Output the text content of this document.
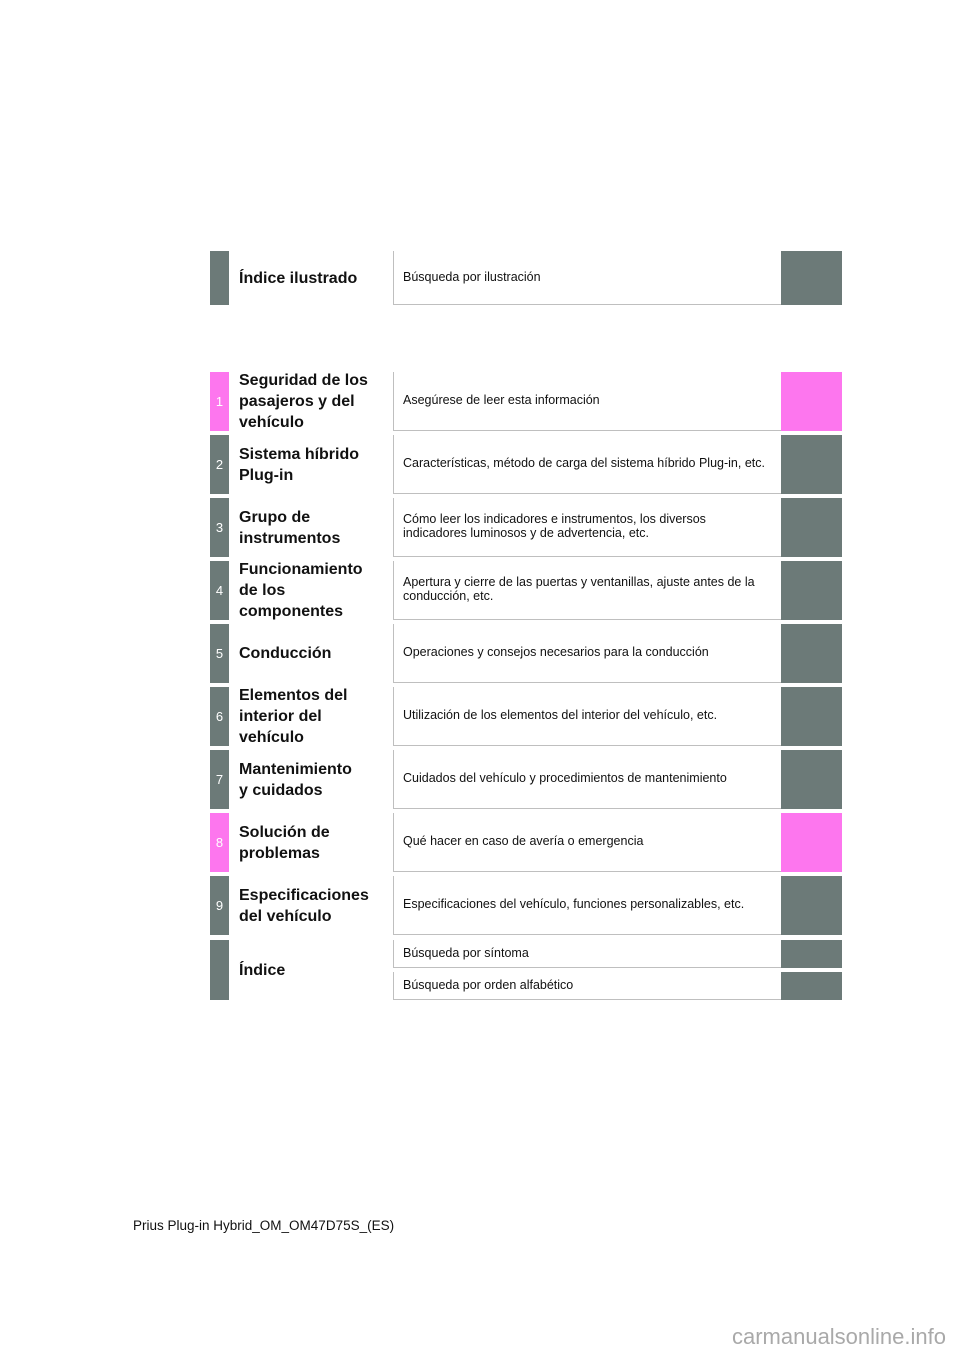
Índice ilustrado	Búsqueda por ilustración
1
Seguridad de los
pasajeros y del
vehículo
Asegúrese de leer esta información
2
Sistema híbrido
Plug-in
Características, método de carga del sistema híbrido Plug-in, etc.
3
Grupo de
instrumentos
Cómo leer los indicadores e instrumentos, los diversos indicadores luminosos y de advertencia, etc.
4
Funcionamiento
de los
componentes
Apertura y cierre de las puertas y ventanillas, ajuste antes de la conducción, etc.
5 Conducción	Operaciones y consejos necesarios para la conducción
6
Elementos del
interior del
vehículo
Utilización de los elementos del interior del vehículo, etc.
7
Mantenimiento
y cuidados
Cuidados del vehículo y procedimientos de mantenimiento
8
Solución de
problemas
Qué hacer en caso de avería o emergencia
9
Especificaciones
del vehículo
Especificaciones del vehículo, funciones personalizables, etc.
Índice
Búsqueda por síntoma
Búsqueda por orden alfabético
Prius Plug-in Hybrid_OM_OM47D75S_(ES)
carmanualsonline.info
